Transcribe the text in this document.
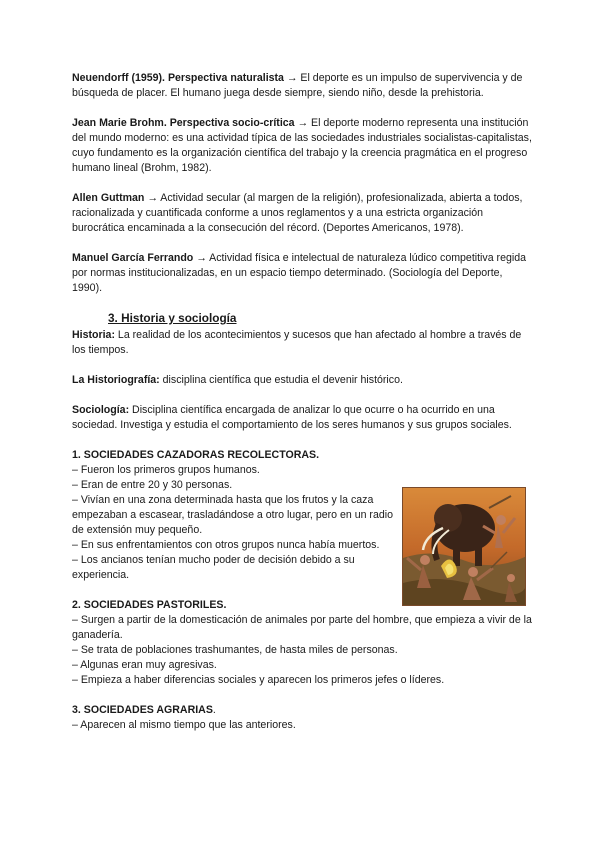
Neuendorff (1959). Perspectiva naturalista → El deporte es un impulso de supervivencia y de búsqueda de placer. El humano juega desde siempre, siendo niño, desde la prehistoria.

Jean Marie Brohm. Perspectiva socio-crítica → El deporte moderno representa una institución del mundo moderno: es una actividad típica de las sociedades industriales socialistas-capitalistas, cuyo fundamento es la organización científica del trabajo y la creencia pragmática en el progreso humano lineal (Brohm, 1982).

Allen Guttman → Actividad secular (al margen de la religión), profesionalizada, abierta a todos, racionalizada y cuantificada conforme a unos reglamentos y a una estricta organización burocrática encaminada a la consecución del récord. (Deportes Americanos, 1978).

Manuel García Ferrando → Actividad física e intelectual de naturaleza lúdico competitiva regida por normas institucionalizadas, en un espacio tiempo determinado. (Sociología del Deporte, 1990).

3. Historia y sociología

Historia: La realidad de los acontecimientos y sucesos que han afectado al hombre a través de los tiempos.

La Historiografía: disciplina científica que estudia el devenir histórico.

Sociología: Disciplina científica encargada de analizar lo que ocurre o ha ocurrido en una sociedad. Investiga y estudia el comportamiento de los seres humanos y sus grupos sociales.

1. SOCIEDADES CAZADORAS RECOLECTORAS.

– Fueron los primeros grupos humanos.

– Eran de entre 20 y 30 personas.

– Vivían en una zona determinada hasta que los frutos y la caza empezaban a escasear, trasladándose a otro lugar, pero en un radio de extensión muy pequeño.

– En sus enfrentamientos con otros grupos nunca había muertos.

– Los ancianos tenían mucho poder de decisión debido a su experiencia.

2. SOCIEDADES PASTORILES.

– Surgen a partir de la domesticación de animales por parte del hombre, que empieza a vivir de la ganadería.

– Se trata de poblaciones trashumantes, de hasta miles de personas.

– Algunas eran muy agresivas.

– Empieza a haber diferencias sociales y aparecen los primeros jefes o líderes.

3. SOCIEDADES AGRARIAS.

– Aparecen al mismo tiempo que las anteriores.
